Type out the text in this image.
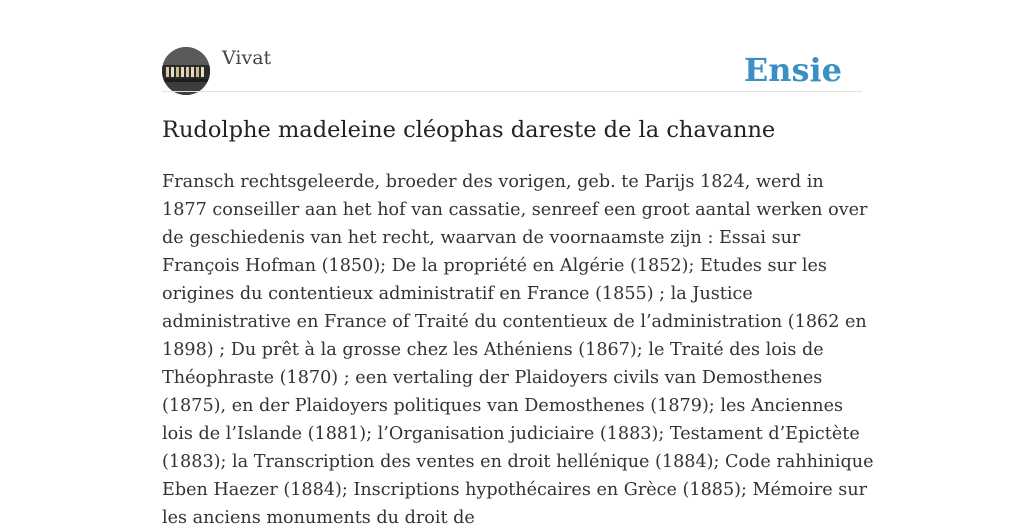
Vivat	Ensie
Rudolphe madeleine cléophas dareste de la chavanne

Fransch rechtsgeleerde, broeder des vorigen, geb. te Parijs 1824, werd in 1877 conseiller aan het hof van cassatie, senreef een groot aantal werken over de geschiedenis van het recht, waarvan de voornaamste zijn : Essai sur François Hofman (1850); De la propriété en Algérie (1852); Etudes sur les origines du contentieux administratif en France (1855) ; la Justice administrative en France of Traité du contentieux de l’administration (1862 en 1898) ; Du prêt à la grosse chez les Athéniens (1867); le Traité des lois de Théophraste (1870) ; een vertaling der Plaidoyers civils van Demosthenes (1875), en der Plaidoyers politiques van Demosthenes (1879); les Anciennes lois de l’Islande (1881); l’Organisation judiciaire (1883); Testament d’Epictète (1883); la Transcription des ventes en droit hellénique (1884); Code rahhinique Eben Haezer (1884); Inscriptions hypothécaires en Grèce (1885); Mémoire sur les anciens monuments du droit de
